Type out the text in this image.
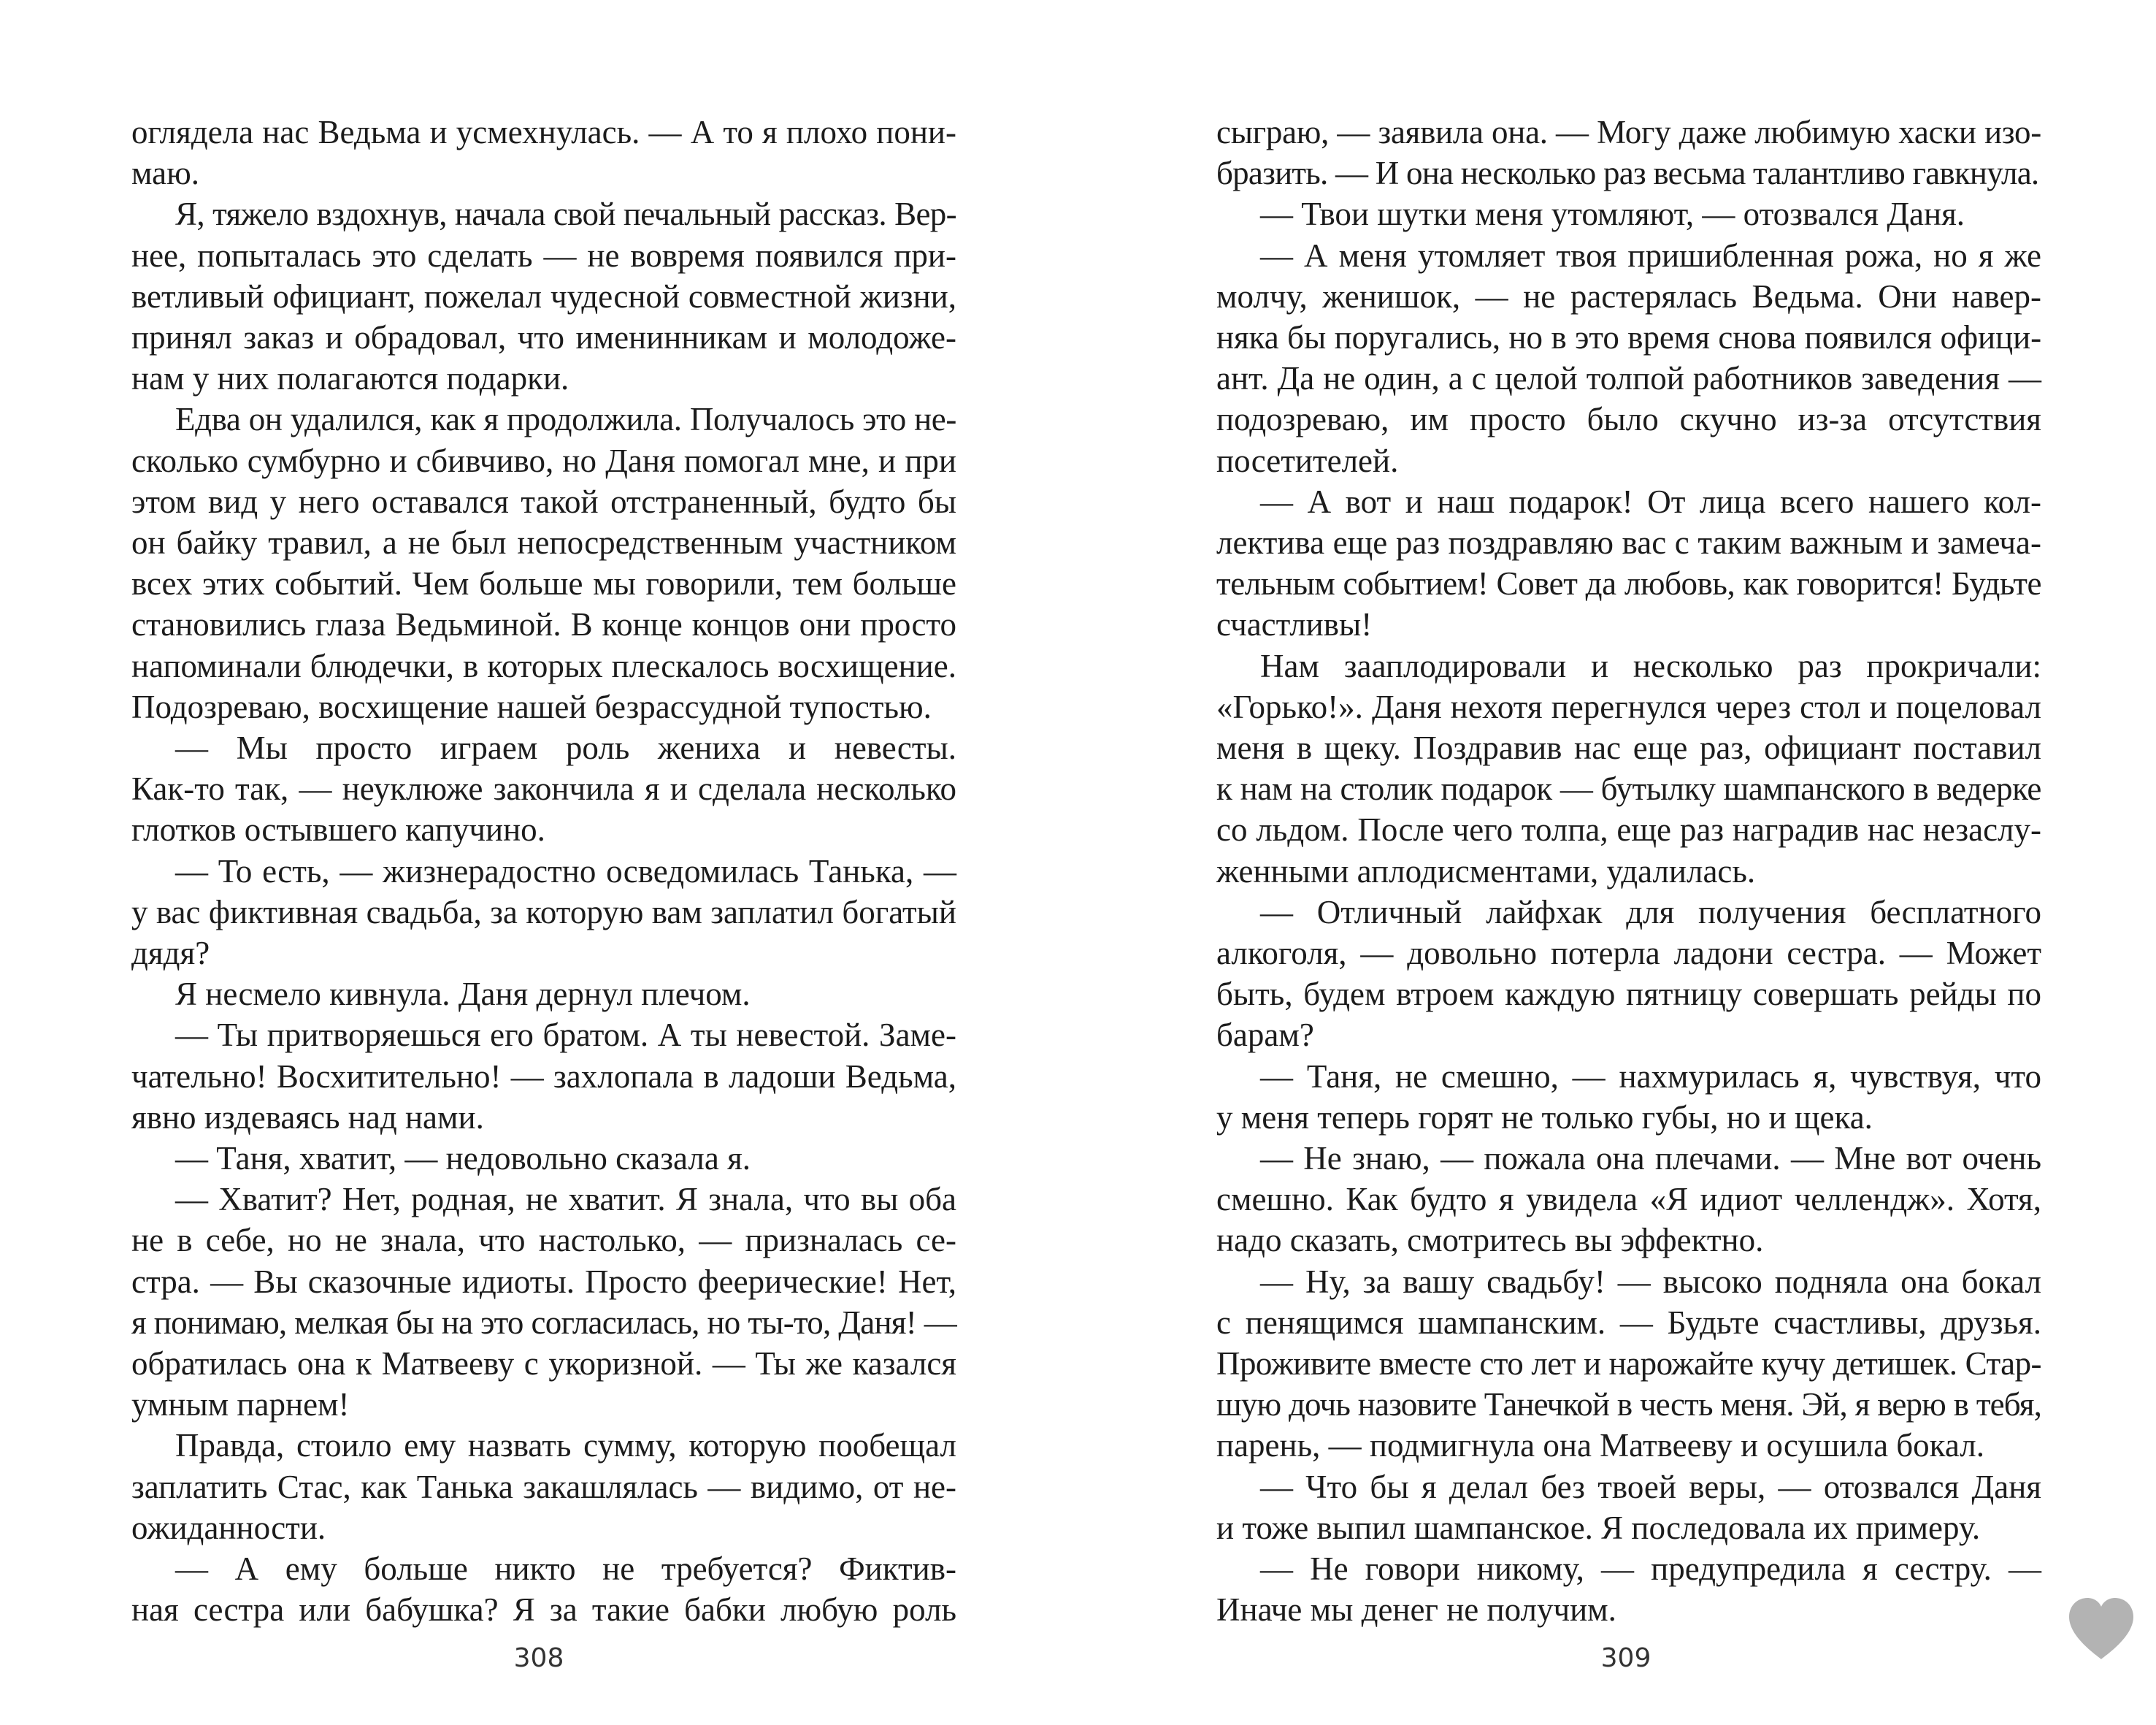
оглядела нас Ведьма и усмехнулась. — А то я плохо пони-
маю.
Я, тяжело вздохнув, начала свой печальный рассказ. Вер-
нее, попыталась это сделать — не вовремя появился при-
ветливый официант, пожелал чудесной совместной жизни,
принял заказ и обрадовал, что именинникам и молодоже-
нам у них полагаются подарки.
Едва он удалился, как я продолжила. Получалось это не-
сколько сумбурно и сбивчиво, но Даня помогал мне, и при
этом вид у него оставался такой отстраненный, будто бы
он байку травил, а не был непосредственным участником
всех этих событий. Чем больше мы говорили, тем больше
становились глаза Ведьминой. В конце концов они просто
напоминали блюдечки, в которых плескалось восхищение.
Подозреваю, восхищение нашей безрассудной тупостью.
— Мы просто играем роль жениха и невесты.
Как-то так, — неуклюже закончила я и сделала несколько
глотков остывшего капучино.
— То есть, — жизнерадостно осведомилась Танька, —
у вас фиктивная свадьба, за которую вам заплатил богатый
дядя?
Я несмело кивнула. Даня дернул плечом.
— Ты притворяешься его братом. А ты невестой. Заме-
чательно! Восхитительно! — захлопала в ладоши Ведьма,
явно издеваясь над нами.
— Таня, хватит, — недовольно сказала я.
— Хватит? Нет, родная, не хватит. Я знала, что вы оба
не в себе, но не знала, что настолько, — призналась се-
стра. — Вы сказочные идиоты. Просто феерические! Нет,
я понимаю, мелкая бы на это согласилась, но ты-то, Даня! —
обратилась она к Матвееву с укоризной. — Ты же казался
умным парнем!
Правда, стоило ему назвать сумму, которую пообещал
заплатить Стас, как Танька закашлялась — видимо, от не-
ожиданности.
— А ему больше никто не требуется? Фиктив-
ная сестра или бабушка? Я за такие бабки любую роль
308
сыграю, — заявила она. — Могу даже любимую хаски изо-
бразить. — И она несколько раз весьма талантливо гавкнула.
— Твои шутки меня утомляют, — отозвался Даня.
— А меня утомляет твоя пришибленная рожа, но я же
молчу, женишок, — не растерялась Ведьма. Они навер-
няка бы поругались, но в это время снова появился офици-
ант. Да не один, а с целой толпой работников заведения —
подозреваю, им просто было скучно из-за отсутствия
посетителей.
— А вот и наш подарок! От лица всего нашего кол-
лектива еще раз поздравляю вас с таким важным и замеча-
тельным событием! Совет да любовь, как говорится! Будьте
счастливы!
Нам зааплодировали и несколько раз прокричали:
«Горько!». Даня нехотя перегнулся через стол и поцеловал
меня в щеку. Поздравив нас еще раз, официант поставил
к нам на столик подарок — бутылку шампанского в ведерке
со льдом. После чего толпа, еще раз наградив нас незаслу-
женными аплодисментами, удалилась.
— Отличный лайфхак для получения бесплатного
алкоголя, — довольно потерла ладони сестра. — Может
быть, будем втроем каждую пятницу совершать рейды по
барам?
— Таня, не смешно, — нахмурилась я, чувствуя, что
у меня теперь горят не только губы, но и щека.
— Не знаю, — пожала она плечами. — Мне вот очень
смешно. Как будто я увидела «Я идиот челлендж». Хотя,
надо сказать, смотритесь вы эффектно.
— Ну, за вашу свадьбу! — высоко подняла она бокал
с пенящимся шампанским. — Будьте счастливы, друзья.
Проживите вместе сто лет и нарожайте кучу детишек. Стар-
шую дочь назовите Танечкой в честь меня. Эй, я верю в тебя,
парень, — подмигнула она Матвееву и осушила бокал.
— Что бы я делал без твоей веры, — отозвался Даня
и тоже выпил шампанское. Я последовала их примеру.
— Не говори никому, — предупредила я сестру. —
Иначе мы денег не получим.
309
